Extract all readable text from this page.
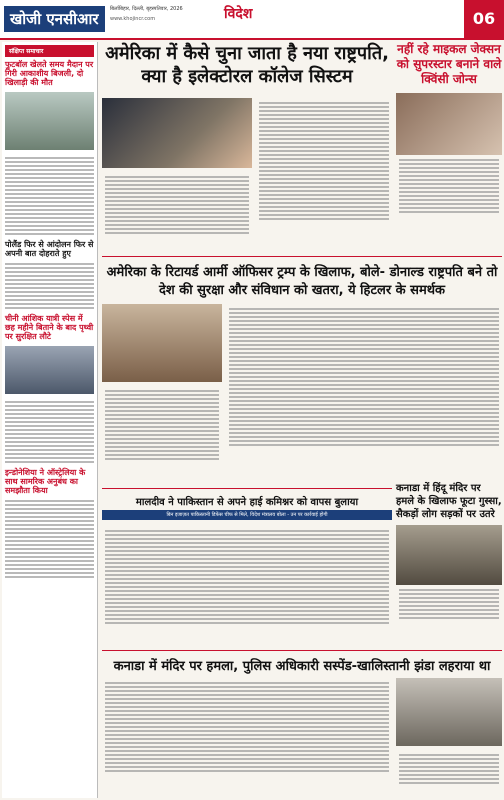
खोजी एनसीआर
बिर्लाबिहार, दिल्ली, बृहस्पतिवार, 2026
www.khojincr.com	विदेश	06
संक्षिप्त समाचार
फुटबॉल खेलते समय मैदान पर गिरी आकाशीय बिजली, दो खिलाड़ी की मौत
पोलैंड फिर से आंदोलन फिर से अपनी बात दोहराते हुए
चीनी आंशिक यात्री स्पेस में छह महीने बिताने के बाद पृथ्वी पर सुरक्षित लौटे
इन्डोनेशिया ने ऑस्ट्रेलिया के साथ सामरिक अनुबंध का समझौता किया
अमेरिका में कैसे चुना जाता है नया राष्ट्रपति, क्या है इलेक्टोरल कॉलेज सिस्टम
नहीं रहे माइकल जेक्सन को सुपरस्टार बनाने वाले क्विंसी जोन्स
अमेरिका के रिटायर्ड आर्मी ऑफिसर ट्रम्प के खिलाफ, बोले- डोनाल्ड राष्ट्रपति बने तो देश की सुरक्षा और संविधान को खतरा, ये हिटलर के समर्थक
मालदीव ने पाकिस्तान से अपने हाई कमिश्नर को वापस बुलाया
बिन इजाज़त पाकिस्तानी डिफेंस चीफ से मिले, विदेश मंत्रालय बोला - उन पर कार्रवाई होगी
कनाडा में हिंदू मंदिर पर हमले के खिलाफ फूटा गुस्सा, सैकड़ों लोग सड़कों पर उतरे
कनाडा में मंदिर पर हमला, पुलिस अधिकारी सस्पेंड-खालिस्तानी झंडा लहराया था
